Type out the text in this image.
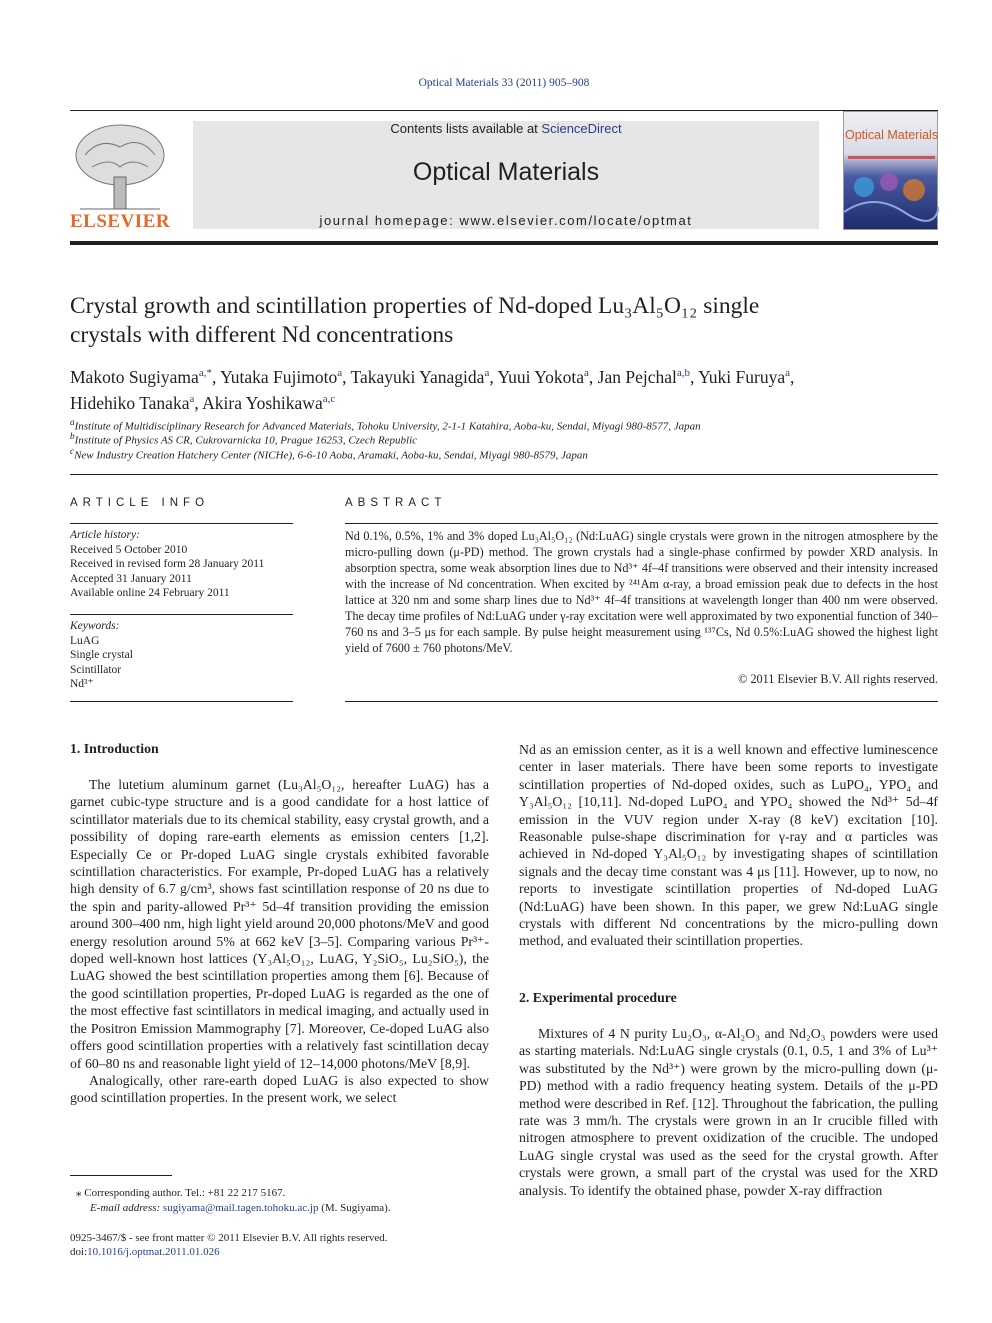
Optical Materials 33 (2011) 905–908
ELSEVIER
Contents lists available at ScienceDirect
Optical Materials
journal homepage: www.elsevier.com/locate/optmat
Optical Materials
Crystal growth and scintillation properties of Nd-doped Lu₃Al₅O₁₂ single
crystals with different Nd concentrations
Makoto Sugiyama$^{a,*}$, Yutaka Fujimoto$^a$, Takayuki Yanagida$^a$, Yuui Yokota$^a$, Jan Pejchal$^{a,b}$, Yuki Furuya$^a$,
Hidehiko Tanaka$^a$, Akira Yoshikawa$^{a,c}$
$^a$Institute of Multidisciplinary Research for Advanced Materials, Tohoku University, 2-1-1 Katahira, Aoba-ku, Sendai, Miyagi 980-8577, Japan
$^b$Institute of Physics AS CR, Cukrovarnicka 10, Prague 16253, Czech Republic
$^c$New Industry Creation Hatchery Center (NICHe), 6-6-10 Aoba, Aramaki, Aoba-ku, Sendai, Miyagi 980-8579, Japan
ARTICLE INFO
Article history:
Received 5 October 2010
Received in revised form 28 January 2011
Accepted 31 January 2011
Available online 24 February 2011
Keywords:
LuAG
Single crystal
Scintillator
Nd³⁺
ABSTRACT
Nd 0.1%, 0.5%, 1% and 3% doped Lu₃Al₅O₁₂ (Nd:LuAG) single crystals were grown in the nitrogen atmosphere by the micro-pulling down (μ-PD) method. The grown crystals had a single-phase confirmed by powder XRD analysis. In absorption spectra, some weak absorption lines due to Nd³⁺ 4f–4f transitions were observed and their intensity increased with the increase of Nd concentration. When excited by ²⁴¹Am α-ray, a broad emission peak due to defects in the host lattice at 320 nm and some sharp lines due to Nd³⁺ 4f–4f transitions at wavelength longer than 400 nm were observed. The decay time profiles of Nd:LuAG under γ-ray excitation were well approximated by two exponential function of 340–760 ns and 3–5 μs for each sample. By pulse height measurement using ¹³⁷Cs, Nd 0.5%:LuAG showed the highest light yield of 7600 ± 760 photons/MeV.
© 2011 Elsevier B.V. All rights reserved.
1. Introduction

The lutetium aluminum garnet (Lu₃Al₅O₁₂, hereafter LuAG) has a garnet cubic-type structure and is a good candidate for a host lattice of scintillator materials due to its chemical stability, easy crystal growth, and a possibility of doping rare-earth elements as emission centers [1,2]. Especially Ce or Pr-doped LuAG single crystals exhibited favorable scintillation characteristics. For example, Pr-doped LuAG has a relatively high density of 6.7 g/cm³, shows fast scintillation response of 20 ns due to the spin and parity-allowed Pr³⁺ 5d–4f transition providing the emission around 300–400 nm, high light yield around 20,000 photons/MeV and good energy resolution around 5% at 662 keV [3–5]. Comparing various Pr³⁺-doped well-known host lattices (Y₃Al₅O₁₂, LuAG, Y₂SiO₅, Lu₂SiO₅), the LuAG showed the best scintillation properties among them [6]. Because of the good scintillation properties, Pr-doped LuAG is regarded as the one of the most effective fast scintillators in medical imaging, and actually used in the Positron Emission Mammography [7]. Moreover, Ce-doped LuAG also offers good scintillation properties with a relatively fast scintillation decay of 60–80 ns and reasonable light yield of 12–14,000 photons/MeV [8,9].

Analogically, other rare-earth doped LuAG is also expected to show good scintillation properties. In the present work, we select

Nd as an emission center, as it is a well known and effective luminescence center in laser materials. There have been some reports to investigate scintillation properties of Nd-doped oxides, such as LuPO₄, YPO₄ and Y₃Al₅O₁₂ [10,11]. Nd-doped LuPO₄ and YPO₄ showed the Nd³⁺ 5d–4f emission in the VUV region under X-ray (8 keV) excitation [10]. Reasonable pulse-shape discrimination for γ-ray and α particles was achieved in Nd-doped Y₃Al₅O₁₂ by investigating shapes of scintillation signals and the decay time constant was 4 μs [11]. However, up to now, no reports to investigate scintillation properties of Nd-doped LuAG (Nd:LuAG) have been shown. In this paper, we grew Nd:LuAG single crystals with different Nd concentrations by the micro-pulling down method, and evaluated their scintillation properties.
2. Experimental procedure

Mixtures of 4 N purity Lu₂O₃, α-Al₂O₃ and Nd₂O₃ powders were used as starting materials. Nd:LuAG single crystals (0.1, 0.5, 1 and 3% of Lu³⁺ was substituted by the Nd³⁺) were grown by the micro-pulling down (μ-PD) method with a radio frequency heating system. Details of the μ-PD method were described in Ref. [12]. Throughout the fabrication, the pulling rate was 3 mm/h. The crystals were grown in an Ir crucible filled with nitrogen atmosphere to prevent oxidization of the crucible. The undoped LuAG single crystal was used as the seed for the crystal growth. After crystals were grown, a small part of the crystal was used for the XRD analysis. To identify the obtained phase, powder X-ray diffraction

⁎ Corresponding author. Tel.: +81 22 217 5167.
E-mail address: sugiyama@mail.tagen.tohoku.ac.jp (M. Sugiyama).
0925-3467/$ - see front matter © 2011 Elsevier B.V. All rights reserved.
doi:10.1016/j.optmat.2011.01.026
